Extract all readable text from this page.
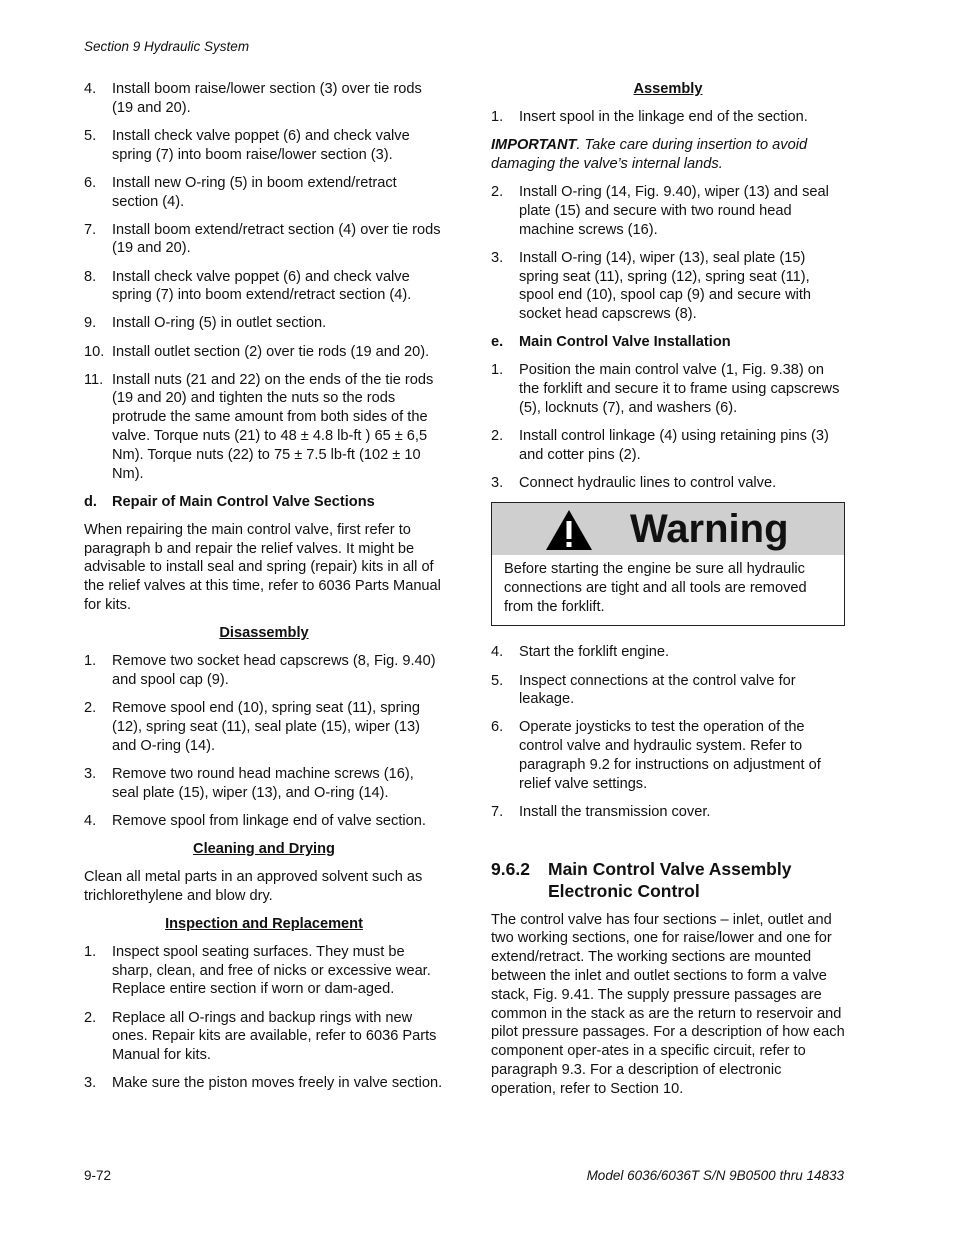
Section 9 Hydraulic System
4. Install boom raise/lower section (3) over tie rods (19 and 20).
5. Install check valve poppet (6) and check valve spring (7) into boom raise/lower section (3).
6. Install new O-ring (5) in boom extend/retract section (4).
7. Install boom extend/retract section (4) over tie rods (19 and 20).
8. Install check valve poppet (6) and check valve spring (7) into boom extend/retract section (4).
9. Install O-ring (5) in outlet section.
10. Install outlet section (2) over tie rods (19 and 20).
11. Install nuts (21 and 22) on the ends of the tie rods (19 and 20) and tighten the nuts so the rods protrude the same amount from both sides of the valve. Torque nuts (21) to 48 ± 4.8 lb-ft ) 65 ± 6,5 Nm). Torque nuts (22) to 75 ± 7.5 lb-ft (102 ± 10 Nm).
d. Repair of Main Control Valve Sections
When repairing the main control valve, first refer to paragraph b and repair the relief valves. It might be advisable to install seal and spring (repair) kits in all of the relief valves at this time, refer to 6036 Parts Manual for kits.
Disassembly
1. Remove two socket head capscrews (8, Fig. 9.40) and spool cap (9).
2. Remove spool end (10), spring seat (11), spring (12), spring seat (11), seal plate (15), wiper (13) and O-ring (14).
3. Remove two round head machine screws (16), seal plate (15), wiper (13), and O-ring (14).
4. Remove spool from linkage end of valve section.
Cleaning and Drying
Clean all metal parts in an approved solvent such as trichlorethylene and blow dry.
Inspection and Replacement
1. Inspect spool seating surfaces. They must be sharp, clean, and free of nicks or excessive wear. Replace entire section if worn or dam-aged.
2. Replace all O-rings and backup rings with new ones. Repair kits are available, refer to 6036 Parts Manual for kits.
3. Make sure the piston moves freely in valve section.
Assembly
1. Insert spool in the linkage end of the section.
IMPORTANT. Take care during insertion to avoid damaging the valve’s internal lands.
2. Install O-ring (14, Fig. 9.40), wiper (13) and seal plate (15) and secure with two round head machine screws (16).
3. Install O-ring (14), wiper (13), seal plate (15) spring seat (11), spring (12), spring seat (11), spool end (10), spool cap (9) and secure with socket head capscrews (8).
e. Main Control Valve Installation
1. Position the main control valve (1, Fig. 9.38) on the forklift and secure it to frame using capscrews (5), locknuts (7), and washers (6).
2. Install control linkage (4) using retaining pins (3) and cotter pins (2).
3. Connect hydraulic lines to control valve.
Warning
Before starting the engine be sure all hydraulic connections are tight and all tools are removed from the forklift.
4. Start the forklift engine.
5. Inspect connections at the control valve for leakage.
6. Operate joysticks to test the operation of the control valve and hydraulic system. Refer to paragraph 9.2 for instructions on adjustment of relief valve settings.
7. Install the transmission cover.
9.6.2 Main Control Valve Assembly Electronic Control
The control valve has four sections – inlet, outlet and two working sections, one for raise/lower and one for extend/retract. The working sections are mounted between the inlet and outlet sections to form a valve stack, Fig. 9.41. The supply pressure passages are common in the stack as are the return to reservoir and pilot pressure passages. For a description of how each component oper-ates in a specific circuit, refer to paragraph 9.3. For a description of electronic operation, refer to Section 10.
9-72	Model 6036/6036T S/N 9B0500 thru 14833
